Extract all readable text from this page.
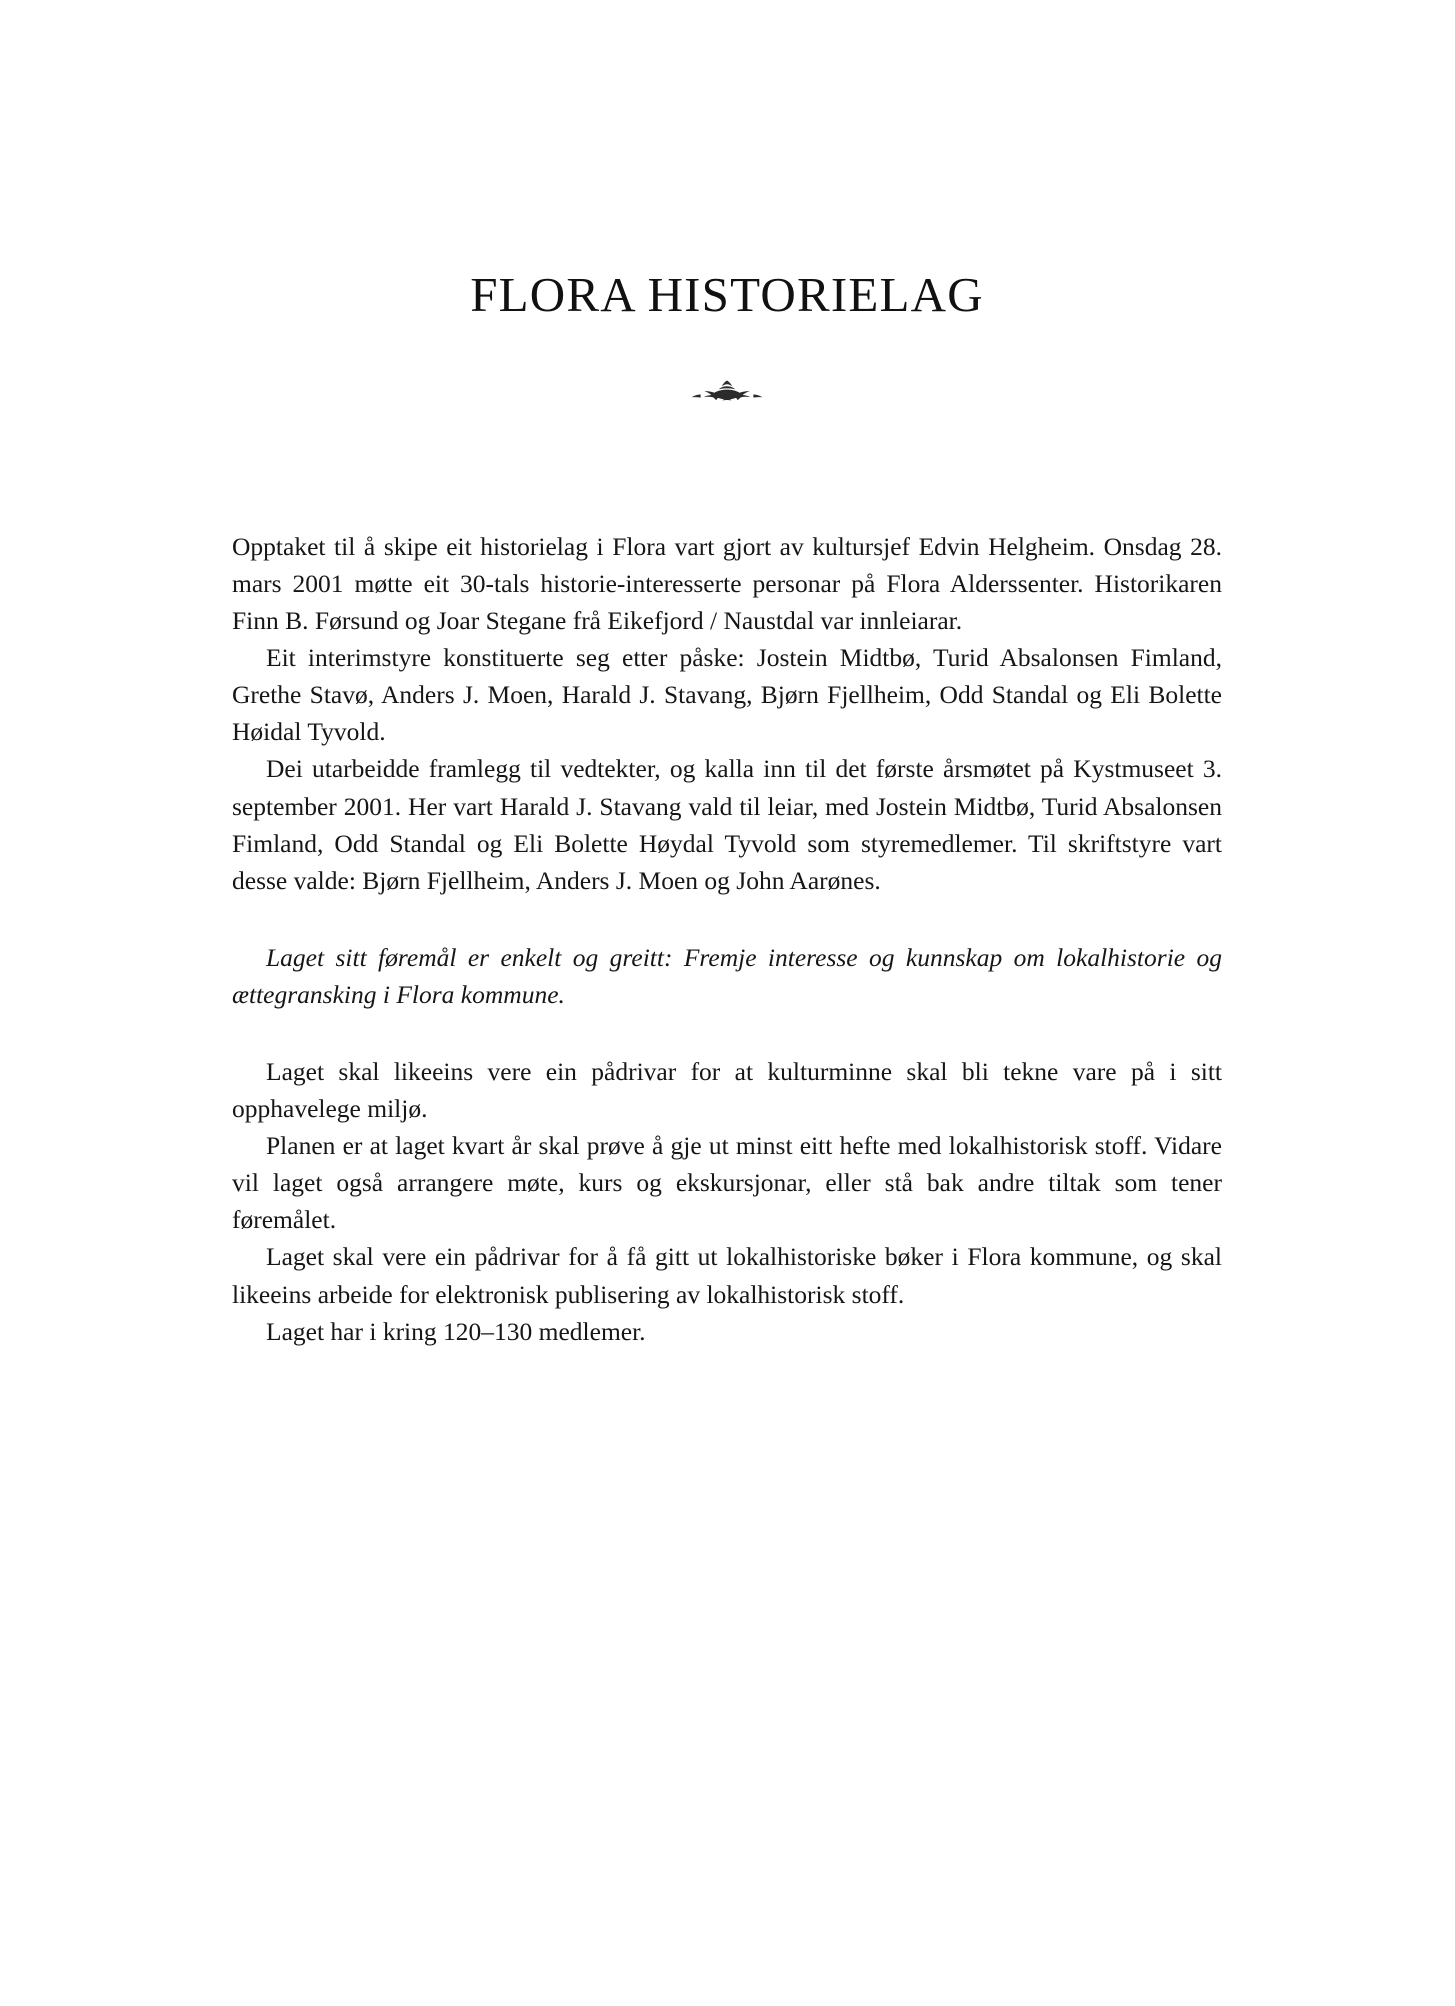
FLORA HISTORIELAG

Opptaket til å skipe eit historielag i Flora vart gjort av kultursjef Edvin Helgheim. Onsdag 28. mars 2001 møtte eit 30-tals historie-interesserte personar på Flora Alderssenter. Historikaren Finn B. Førsund og Joar Stegane frå Eikefjord / Naustdal var innleiarar.

Eit interimstyre konstituerte seg etter påske: Jostein Midtbø, Turid Absalonsen Fimland, Grethe Stavø, Anders J. Moen, Harald J. Stavang, Bjørn Fjellheim, Odd Standal og Eli Bolette Høidal Tyvold.

Dei utarbeidde framlegg til vedtekter, og kalla inn til det første årsmøtet på Kystmuseet 3. september 2001. Her vart Harald J. Stavang vald til leiar, med Jostein Midtbø, Turid Absalonsen Fimland, Odd Standal og Eli Bolette Høydal Tyvold som styremedlemer. Til skriftstyre vart desse valde: Bjørn Fjellheim, Anders J. Moen og John Aarønes.

Laget sitt føremål er enkelt og greitt: Fremje interesse og kunnskap om lokalhistorie og ættegransking i Flora kommune.

Laget skal likeeins vere ein pådrivar for at kulturminne skal bli tekne vare på i sitt opphavelege miljø.

Planen er at laget kvart år skal prøve å gje ut minst eitt hefte med lokalhistorisk stoff. Vidare vil laget også arrangere møte, kurs og ekskursjonar, eller stå bak andre tiltak som tener føremålet.

Laget skal vere ein pådrivar for å få gitt ut lokalhistoriske bøker i Flora kommune, og skal likeeins arbeide for elektronisk publisering av lokalhistorisk stoff.

Laget har i kring 120–130 medlemer.
